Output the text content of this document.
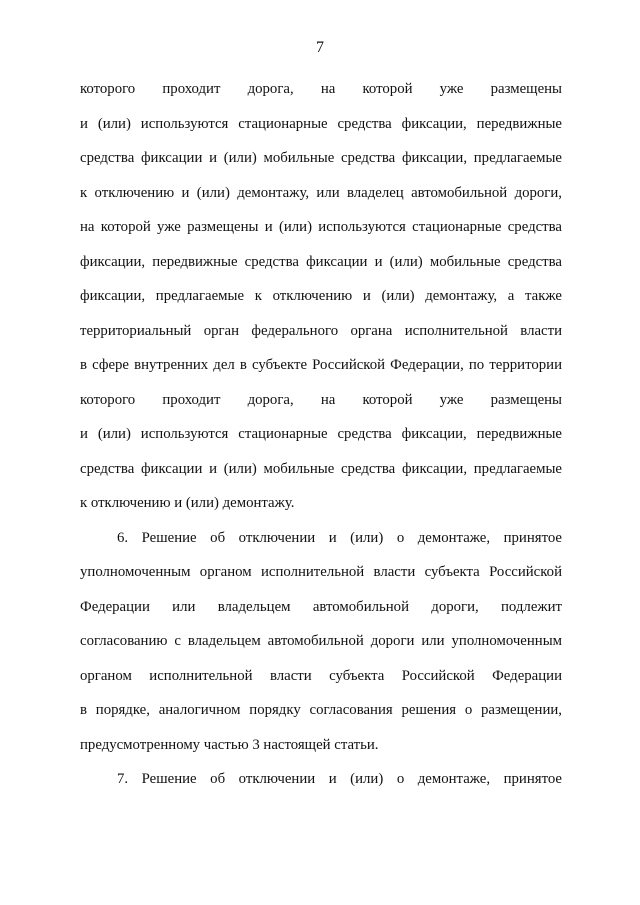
7
которого проходит дорога, на которой уже размещены
и (или) используются стационарные средства фиксации, передвижные
средства фиксации и (или) мобильные средства фиксации, предлагаемые
к отключению и (или) демонтажу, или владелец автомобильной дороги,
на которой уже размещены и (или) используются стационарные средства
фиксации, передвижные средства фиксации и (или) мобильные средства
фиксации, предлагаемые к отключению и (или) демонтажу, а также
территориальный орган федерального органа исполнительной власти
в сфере внутренних дел в субъекте Российской Федерации, по территории
которого проходит дорога, на которой уже размещены
и (или) используются стационарные средства фиксации, передвижные
средства фиксации и (или) мобильные средства фиксации, предлагаемые
к отключению и (или) демонтажу.
6. Решение об отключении и (или) о демонтаже, принятое
уполномоченным органом исполнительной власти субъекта Российской
Федерации или владельцем автомобильной дороги, подлежит
согласованию с владельцем автомобильной дороги или уполномоченным
органом исполнительной власти субъекта Российской Федерации
в порядке, аналогичном порядку согласования решения о размещении,
предусмотренному частью 3 настоящей статьи.
7. Решение об отключении и (или) о демонтаже, принятое
